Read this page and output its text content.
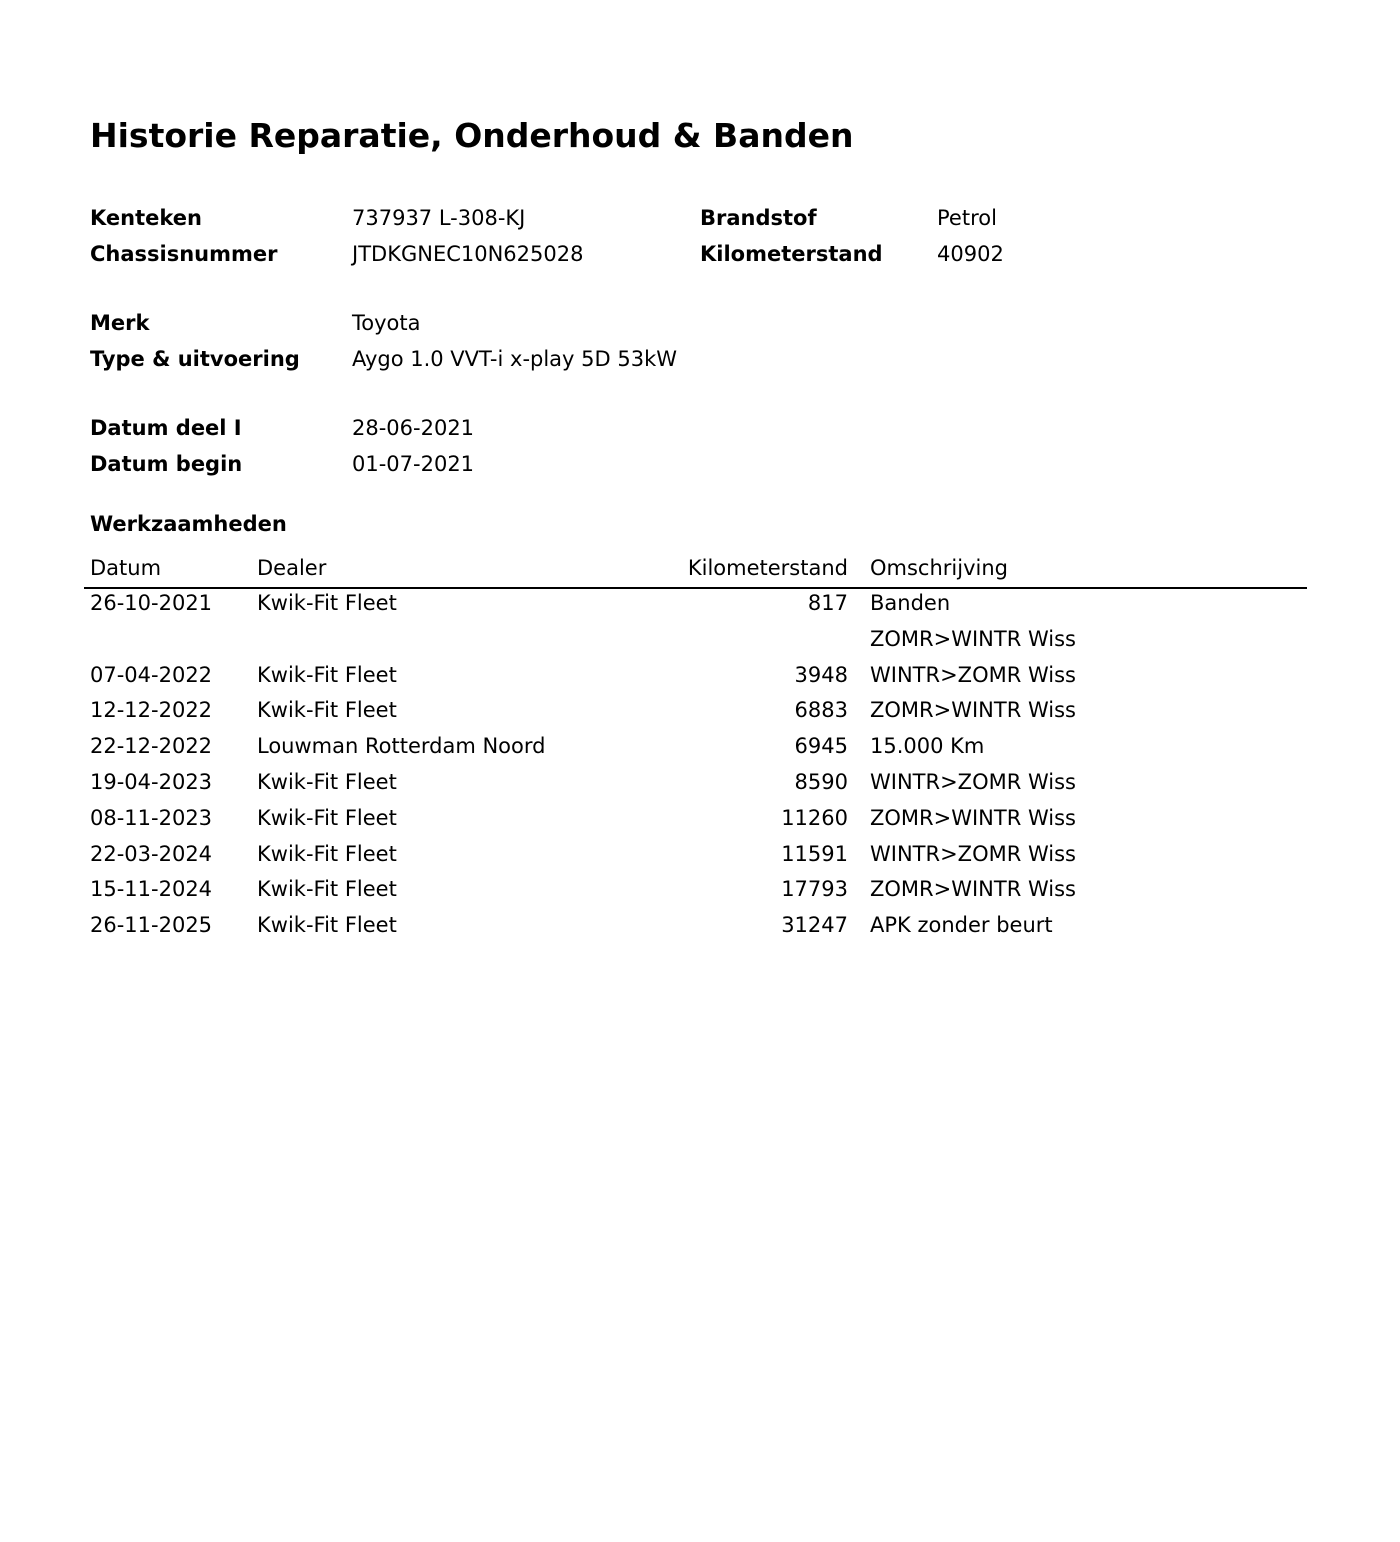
Historie Reparatie, Onderhoud & Banden
Kenteken	737937 L-308-KJ	Brandstof	Petrol
Chassisnummer	JTDKGNEC10N625028	Kilometerstand	40902
Merk	Toyota
Type & uitvoering Aygo 1.0 VVT-i x-play 5D 53kW
Datum deel I	28-06-2021
Datum begin	01-07-2021
Werkzaamheden
Datum	Dealer	Kilometerstand Omschrijving
26-10-2021 Kwik-Fit Fleet	817 Banden
ZOMR>WINTR Wiss
07-04-2022 Kwik-Fit Fleet	3948 WINTR>ZOMR Wiss
12-12-2022 Kwik-Fit Fleet	6883 ZOMR>WINTR Wiss
22-12-2022 Louwman Rotterdam Noord	6945 15.000 Km
19-04-2023 Kwik-Fit Fleet	8590 WINTR>ZOMR Wiss
08-11-2023 Kwik-Fit Fleet	11260 ZOMR>WINTR Wiss
22-03-2024 Kwik-Fit Fleet	11591 WINTR>ZOMR Wiss
15-11-2024 Kwik-Fit Fleet	17793 ZOMR>WINTR Wiss
26-11-2025 Kwik-Fit Fleet	31247 APK zonder beurt
